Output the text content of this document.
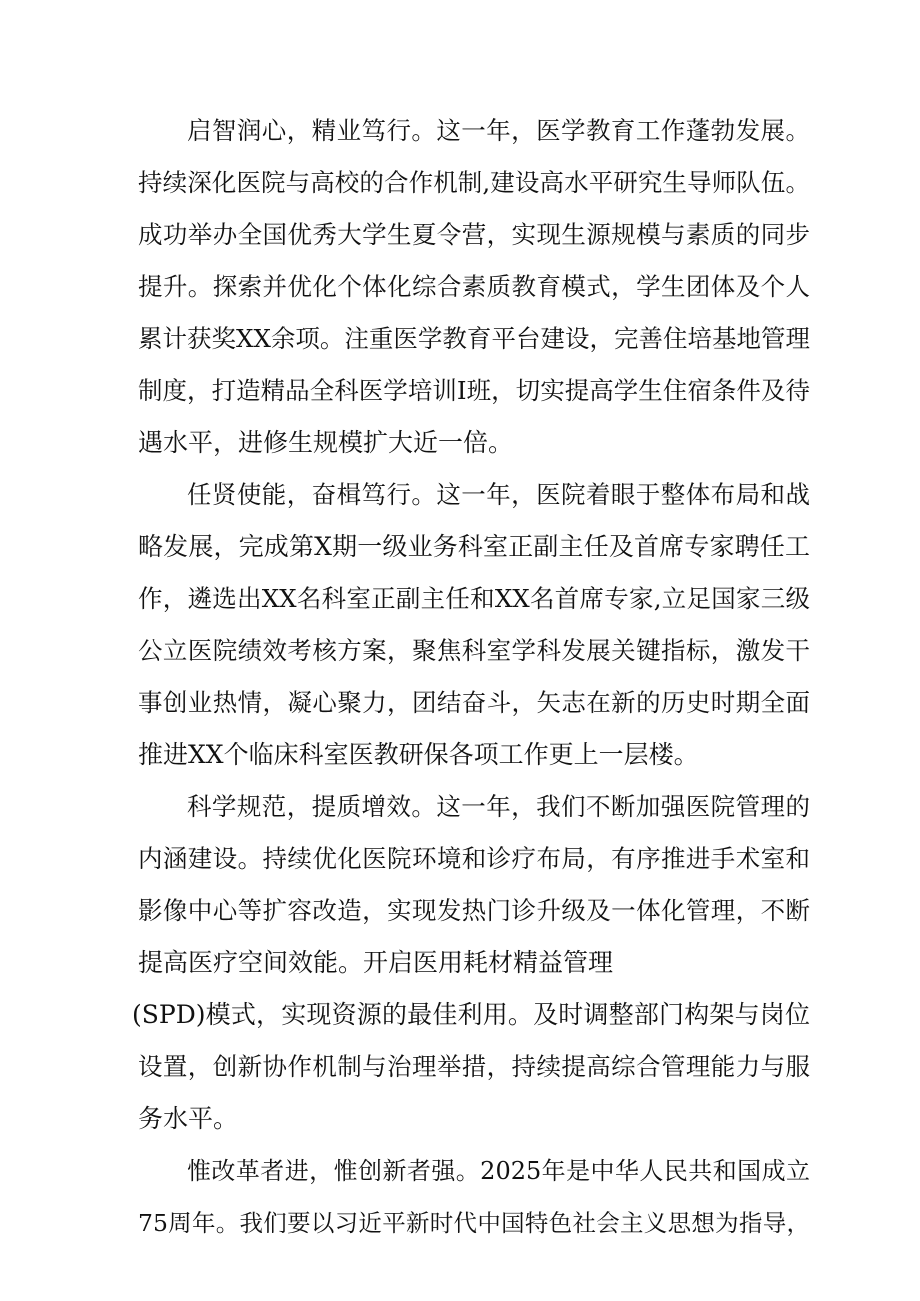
启智润心，精业笃行。这一年，医学教育工作蓬勃发展。
持续深化医院与高校的合作机制,建设高水平研究生导师队伍。
成功举办全国优秀大学生夏令营，实现生源规模与素质的同步
提升。探索并优化个体化综合素质教育模式，学生团体及个人
累计获奖XX余项。注重医学教育平台建设，完善住培基地管理
制度，打造精品全科医学培训I班，切实提高学生住宿条件及待
遇水平，进修生规模扩大近一倍。
任贤使能，奋楫笃行。这一年，医院着眼于整体布局和战
略发展，完成第X期一级业务科室正副主任及首席专家聘任工
作，遴选出XX名科室正副主任和XX名首席专家,立足国家三级
公立医院绩效考核方案，聚焦科室学科发展关键指标，激发干
事创业热情，凝心聚力，团结奋斗，矢志在新的历史时期全面
推进XX个临床科室医教研保各项工作更上一层楼。
科学规范，提质增效。这一年，我们不断加强医院管理的
内涵建设。持续优化医院环境和诊疗布局，有序推进手术室和
影像中心等扩容改造，实现发热门诊升级及一体化管理，不断
提高医疗空间效能。开启医用耗材精益管理
(SPD)模式，实现资源的最佳利用。及时调整部门构架与岗位
设置，创新协作机制与治理举措，持续提高综合管理能力与服
务水平。
惟改革者进，惟创新者强。2025年是中华人民共和国成立
75周年。我们要以习近平新时代中国特色社会主义思想为指导，
